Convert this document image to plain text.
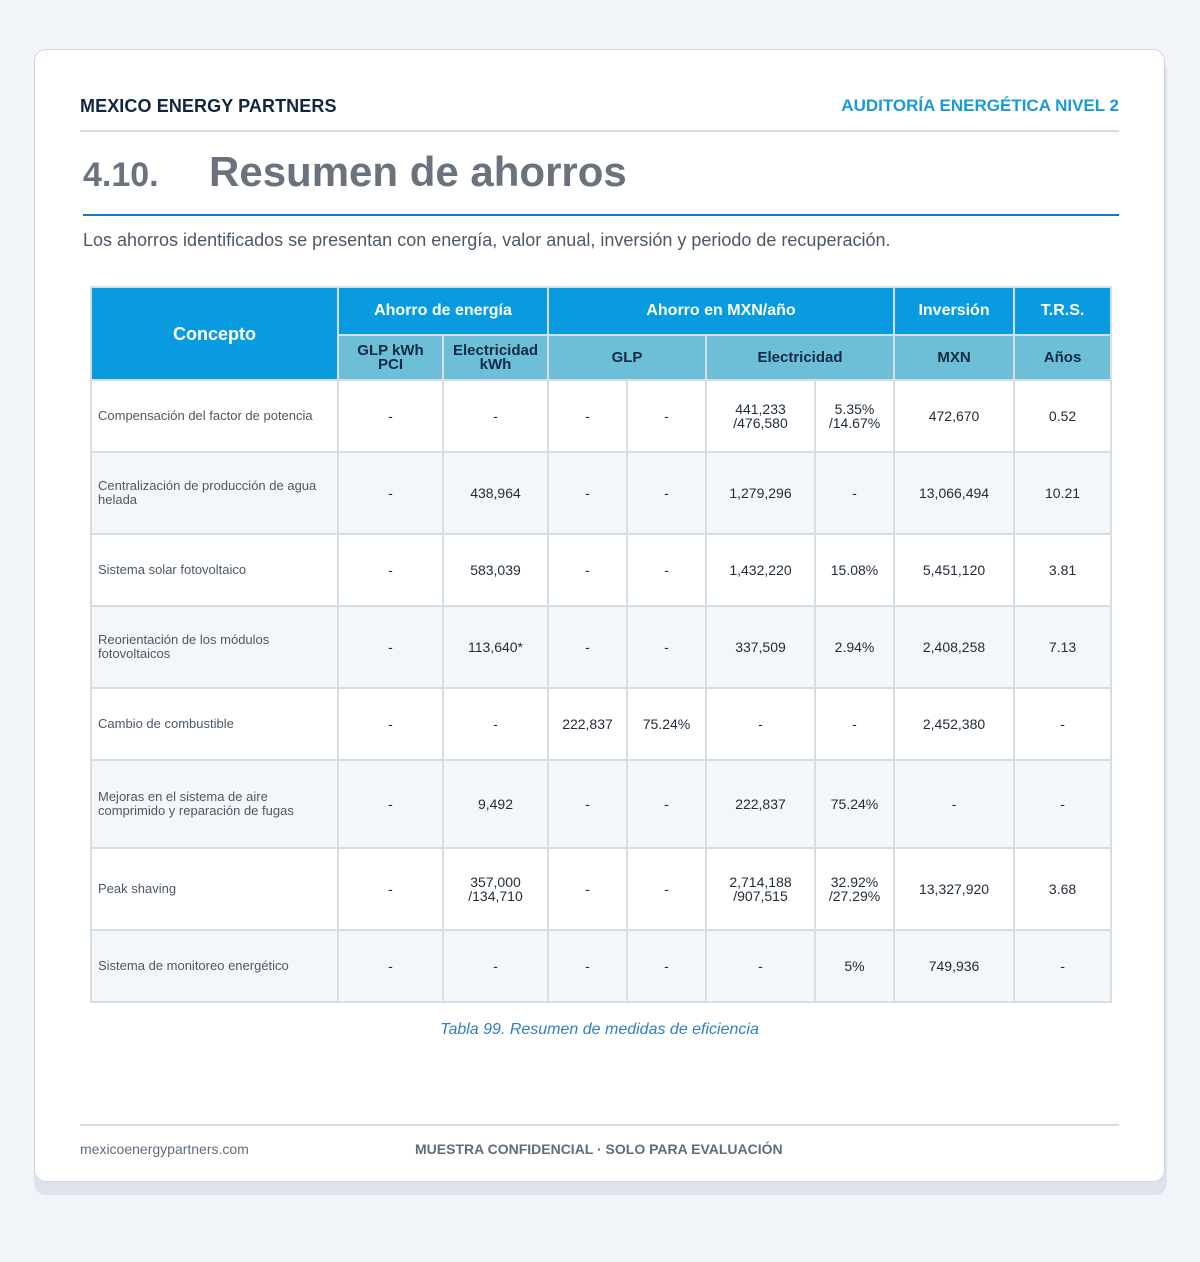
MEXICO ENERGY PARTNERS	AUDITORÍA ENERGÉTICA NIVEL 2
4.10. Resumen de ahorros
Los ahorros identificados se presentan con energía, valor anual, inversión y periodo de recuperación.
Concepto	Ahorro de energía		Ahorro en MXN/año				Inversión	T.R.S.
	GLP kWh PCI	Electricidad kWh	GLP		Electricidad		MXN	Años
Compensación del factor de potencia	-	-	-	-	441,233 /476,580	5.35% /14.67%	472,670	0.52
Centralización de producción de agua helada	-	438,964	-	-	1,279,296	-	13,066,494	10.21
Sistema solar fotovoltaico	-	583,039	-	-	1,432,220	15.08%	5,451,120	3.81
Reorientación de los módulos fotovoltaicos	-	113,640*	-	-	337,509	2.94%	2,408,258	7.13
Cambio de combustible	-	-	222,837	75.24%	-	-	2,452,380	-
Mejoras en el sistema de aire comprimido y reparación de fugas	-	9,492	-	-	222,837	75.24%	-	-
Peak shaving	-	357,000 /134,710	-	-	2,714,188 /907,515	32.92% /27.29%	13,327,920	3.68
Sistema de monitoreo energético	-	-	-	-	-	5%	749,936	-
Tabla 99. Resumen de medidas de eficiencia
mexicoenergypartners.com	MUESTRA CONFIDENCIAL · SOLO PARA EVALUACIÓN
